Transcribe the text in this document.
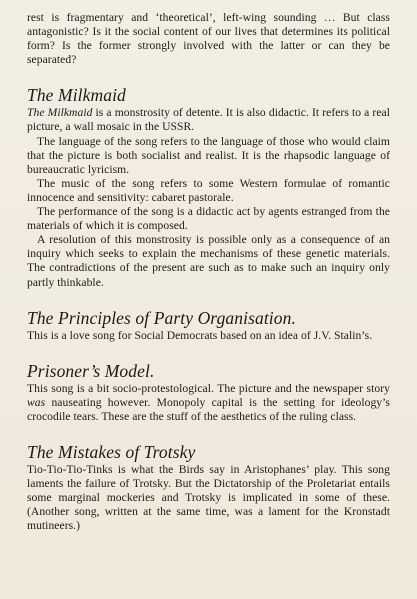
rest is fragmentary and ‘theoretical’, left-wing sounding … But class antagonistic? Is it the social content of our lives that determines its political form? Is the former strongly involved with the latter or can they be separated?

The Milkmaid

The Milkmaid is a monstrosity of detente. It is also didactic. It refers to a real picture, a wall mosaic in the USSR.

The language of the song refers to the language of those who would claim that the picture is both socialist and realist. It is the rhapsodic language of bureaucratic lyricism.

The music of the song refers to some Western formulae of romantic innocence and sensitivity: cabaret pastorale.

The performance of the song is a didactic act by agents estranged from the materials of which it is composed.

A resolution of this monstrosity is possible only as a consequence of an inquiry which seeks to explain the mechanisms of these genetic materials. The contradictions of the present are such as to make such an inquiry only partly thinkable.

The Principles of Party Organisation.

This is a love song for Social Democrats based on an idea of J.V. Stalin’s.

Prisoner’s Model.

This song is a bit socio-protestological. The picture and the newspaper story was nauseating however. Monopoly capital is the setting for ideology’s crocodile tears. These are the stuff of the aesthetics of the ruling class.

The Mistakes of Trotsky

Tio-Tio-Tio-Tinks is what the Birds say in Aristophanes’ play. This song laments the failure of Trotsky. But the Dictatorship of the Proletariat entails some marginal mockeries and Trotsky is implicated in some of these. (Another song, written at the same time, was a lament for the Kronstadt mutineers.)
